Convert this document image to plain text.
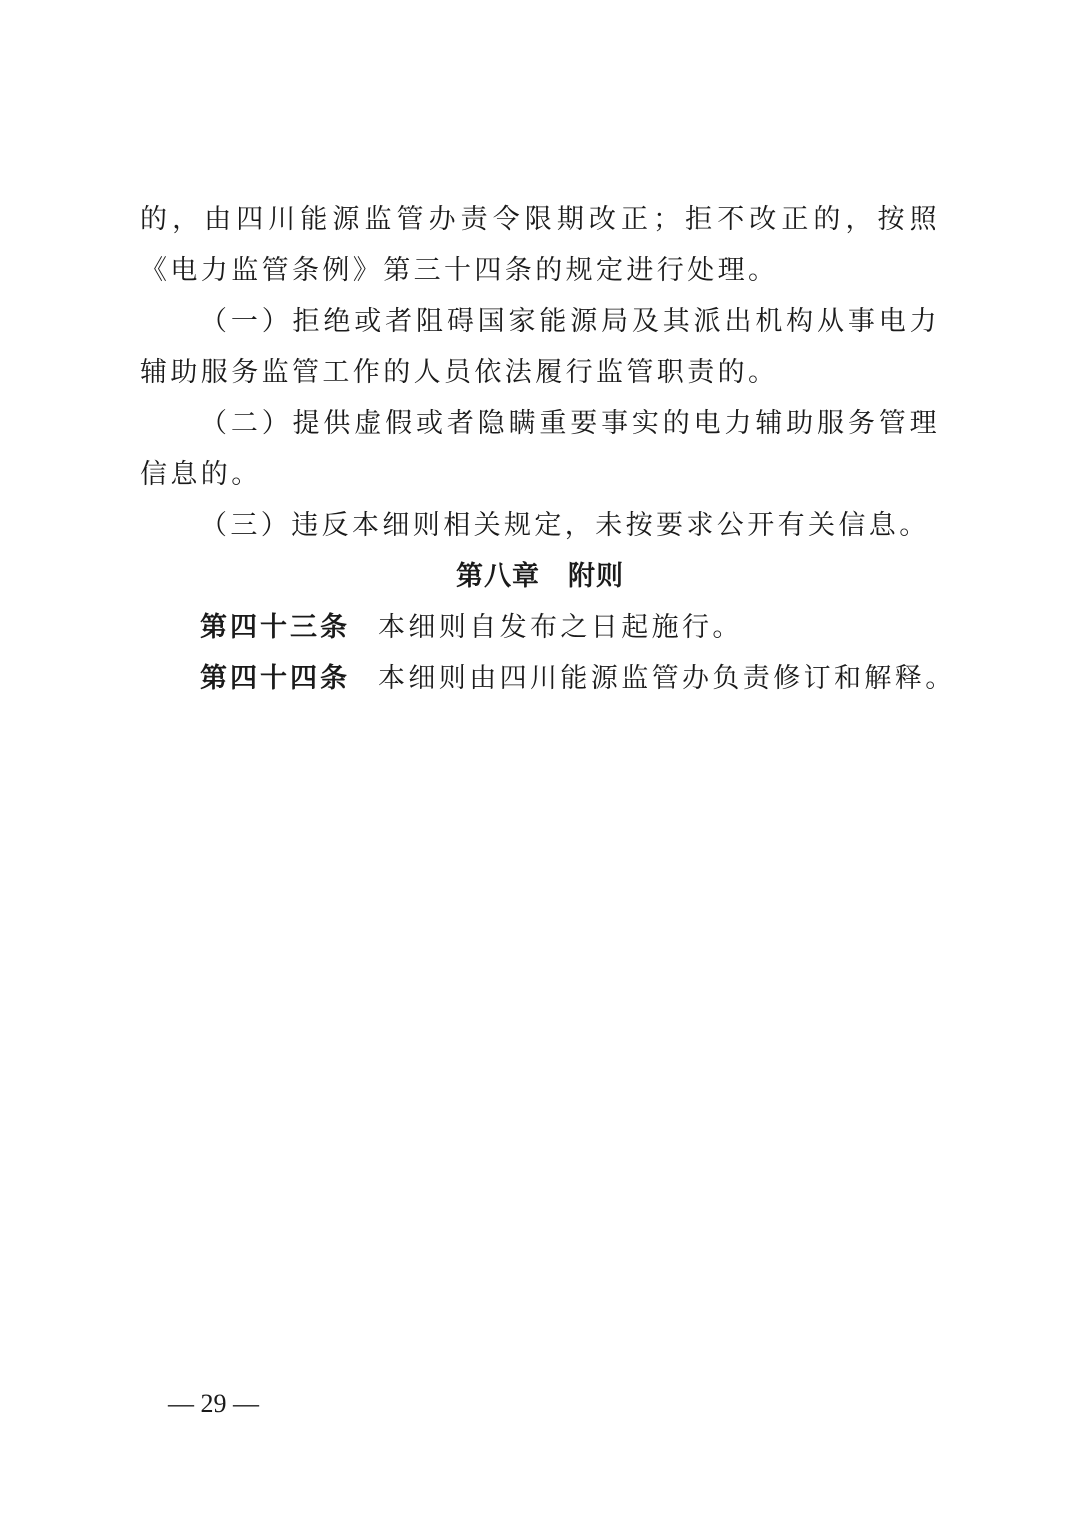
的，由四川能源监管办责令限期改正；拒不改正的，按照《电力监管条例》第三十四条的规定进行处理。

（一）拒绝或者阻碍国家能源局及其派出机构从事电力辅助服务监管工作的人员依法履行监管职责的。

（二）提供虚假或者隐瞒重要事实的电力辅助服务管理信息的。

（三）违反本细则相关规定，未按要求公开有关信息。

第八章　附则

第四十三条 本细则自发布之日起施行。

第四十四条 本细则由四川能源监管办负责修订和解释。

— 29 —
